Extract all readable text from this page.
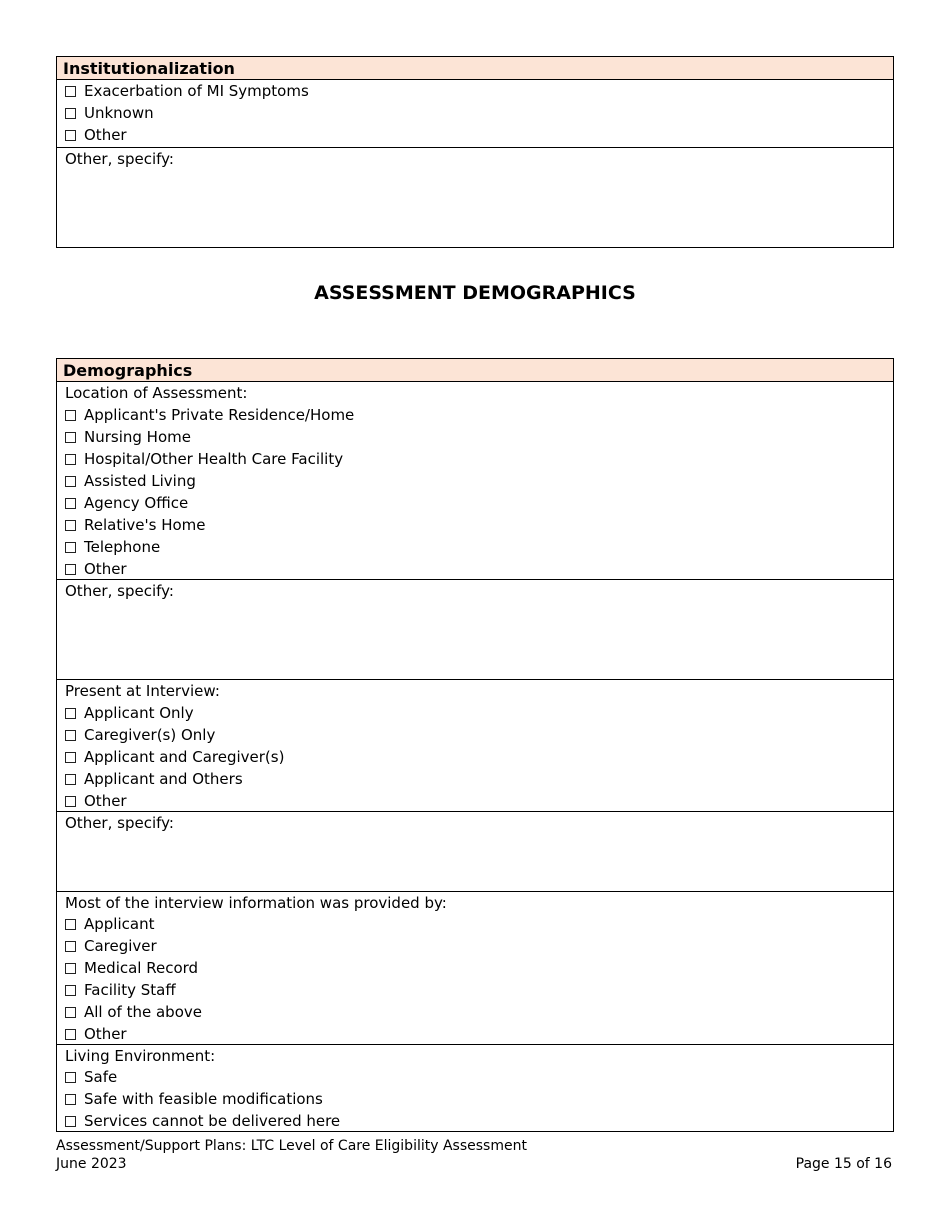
Institutionalization
Exacerbation of MI Symptoms
Unknown
Other
Other, specify:
ASSESSMENT DEMOGRAPHICS
Demographics
Location of Assessment:
Applicant's Private Residence/Home
Nursing Home
Hospital/Other Health Care Facility
Assisted Living
Agency Office
Relative's Home
Telephone
Other
Other, specify:
Present at Interview:
Applicant Only
Caregiver(s) Only
Applicant and Caregiver(s)
Applicant and Others
Other
Other, specify:
Most of the interview information was provided by:
Applicant
Caregiver
Medical Record
Facility Staff
All of the above
Other
Living Environment:
Safe
Safe with feasible modifications
Services cannot be delivered here
Assessment/Support Plans: LTC Level of Care Eligibility Assessment
June 2023	Page 15 of 16
